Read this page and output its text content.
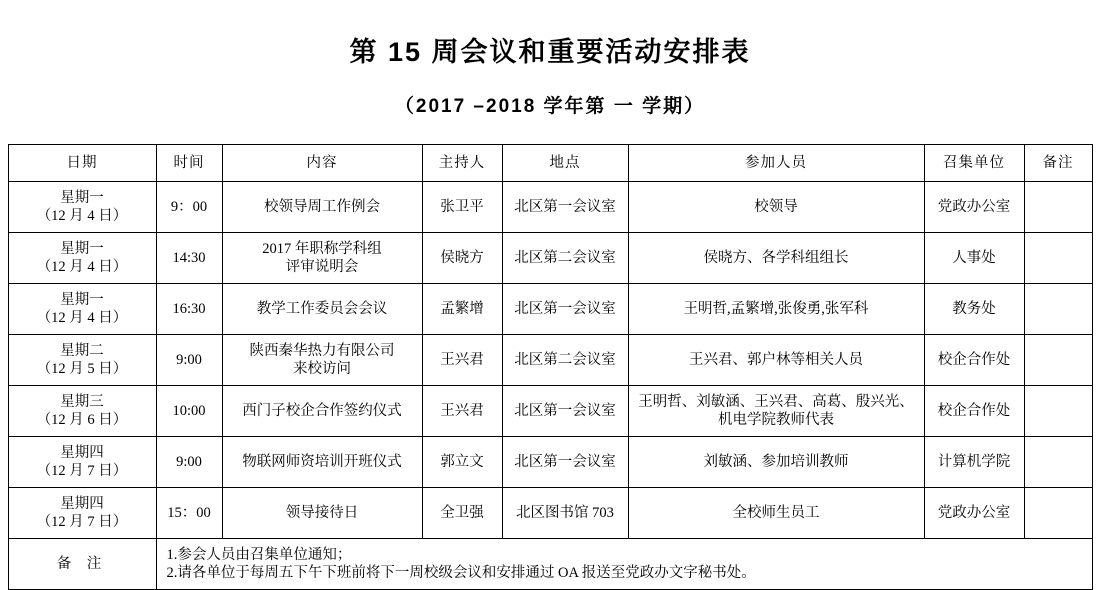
第 15 周会议和重要活动安排表
（2017 –2018 学年第 一 学期）
日期	时间	内容	主持人	地点	参加人员	召集单位	备注

星期一
（12 月 4 日）	9：00	校领导周工作例会	张卫平	北区第一会议室	校领导	党政办公室	

星期一
（12 月 4 日）	14:30	2017 年职称学科组
评审说明会	侯晓方	北区第二会议室	侯晓方、各学科组组长	人事处	

星期一
（12 月 4 日）	16:30	教学工作委员会会议	孟繁增	北区第一会议室	王明哲,孟繁增,张俊勇,张军科	教务处	

星期二
（12 月 5 日）	9:00	陕西秦华热力有限公司
来校访问	王兴君	北区第二会议室	王兴君、郭户林等相关人员	校企合作处	

星期三
（12 月 6 日）	10:00	西门子校企合作签约仪式	王兴君	北区第一会议室	王明哲、刘敏涵、王兴君、高葛、殷兴光、
机电学院教师代表	校企合作处	

星期四
（12 月 7 日）	9:00	物联网师资培训开班仪式	郭立文	北区第一会议室	刘敏涵、参加培训教师	计算机学院	

星期四
（12 月 7 日）	15：00	领导接待日	全卫强	北区图书馆 703	全校师生员工	党政办公室	
备 注	1.参会人员由召集单位通知；
2.请各单位于每周五下午下班前将下一周校级会议和安排通过 OA 报送至党政办文字秘书处。						
